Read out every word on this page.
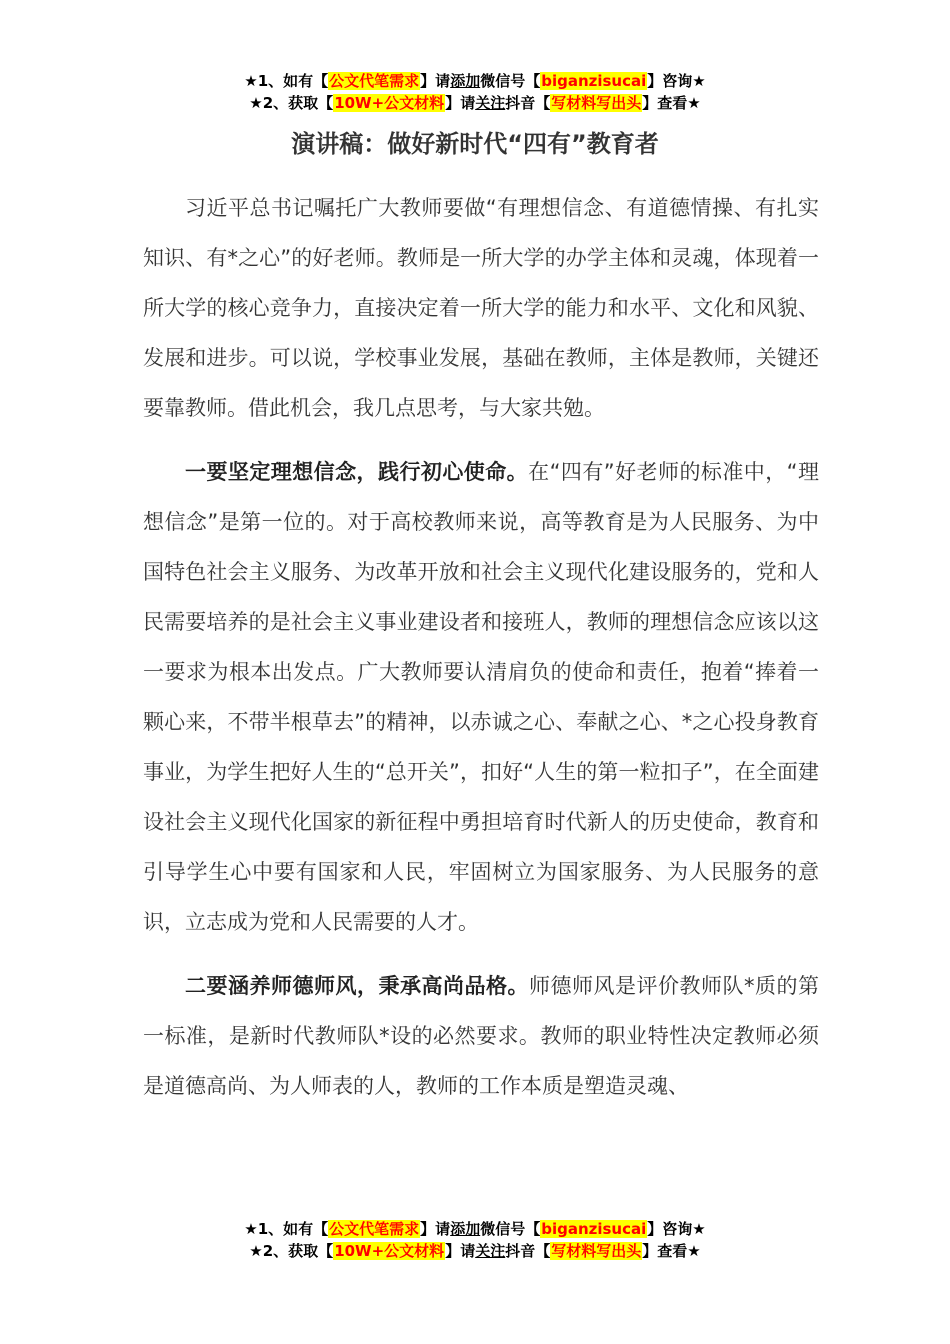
★1、如有【公文代笔需求】请添加微信号【biganzisucai】咨询★
★2、获取【10W+公文材料】请关注抖音【写材料写出头】查看★
演讲稿：做好新时代“四有”教育者

习近平总书记嘱托广大教师要做“有理想信念、有道德情操、有扎实知识、有*之心”的好老师。教师是一所大学的办学主体和灵魂，体现着一所大学的核心竞争力，直接决定着一所大学的能力和水平、文化和风貌、发展和进步。可以说，学校事业发展，基础在教师，主体是教师，关键还要靠教师。借此机会，我几点思考，与大家共勉。

一要坚定理想信念，践行初心使命。在“四有”好老师的标准中，“理想信念”是第一位的。对于高校教师来说，高等教育是为人民服务、为中国特色社会主义服务、为改革开放和社会主义现代化建设服务的，党和人民需要培养的是社会主义事业建设者和接班人，教师的理想信念应该以这一要求为根本出发点。广大教师要认清肩负的使命和责任，抱着“捧着一颗心来，不带半根草去”的精神，以赤诚之心、奉献之心、*之心投身教育事业，为学生把好人生的“总开关”，扣好“人生的第一粒扣子”，在全面建设社会主义现代化国家的新征程中勇担培育时代新人的历史使命，教育和引导学生心中要有国家和人民，牢固树立为国家服务、为人民服务的意识，立志成为党和人民需要的人才。

二要涵养师德师风，秉承高尚品格。师德师风是评价教师队*质的第一标准，是新时代教师队*设的必然要求。教师的职业特性决定教师必须是道德高尚、为人师表的人，教师的工作本质是塑造灵魂、

★1、如有【公文代笔需求】请添加微信号【biganzisucai】咨询★
★2、获取【10W+公文材料】请关注抖音【写材料写出头】查看★
